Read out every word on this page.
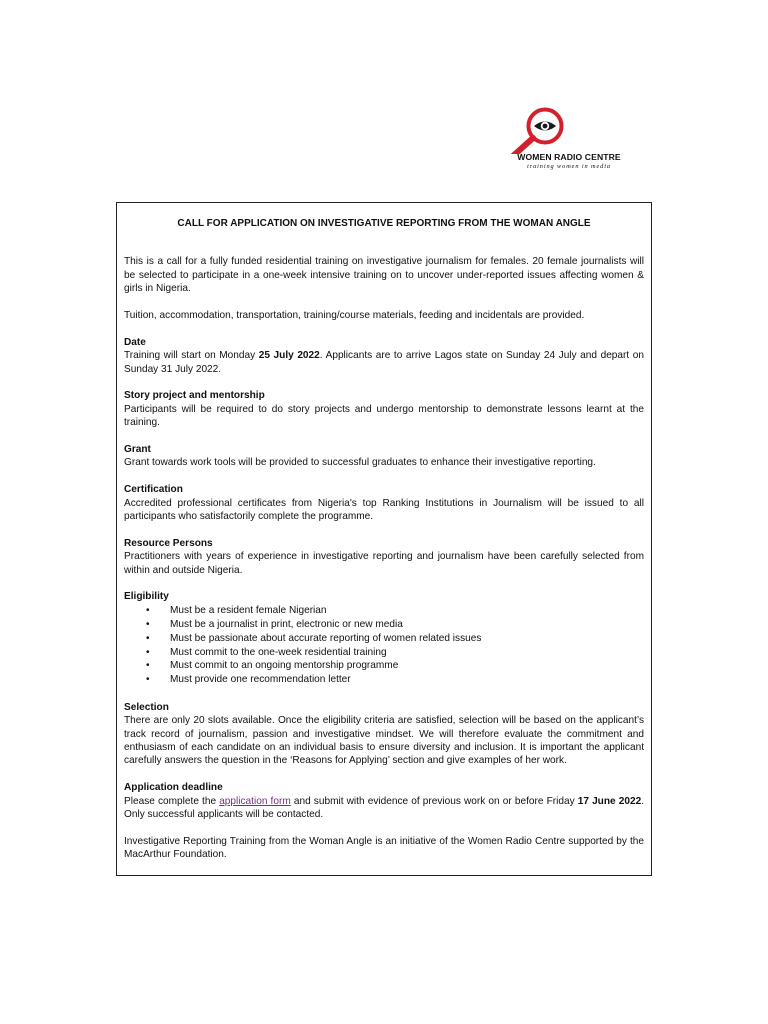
WOMEN RADIO CENTRE
training women in media
CALL FOR APPLICATION ON INVESTIGATIVE REPORTING FROM THE WOMAN ANGLE

This is a call for a fully funded residential training on investigative journalism for females. 20 female journalists will be selected to participate in a one-week intensive training on to uncover under-reported issues affecting women & girls in Nigeria.

Tuition, accommodation, transportation, training/course materials, feeding and incidentals are provided.

Date

Training will start on Monday 25 July 2022. Applicants are to arrive Lagos state on Sunday 24 July and depart on Sunday 31 July 2022.

Story project and mentorship

Participants will be required to do story projects and undergo mentorship to demonstrate lessons learnt at the training.

Grant

Grant towards work tools will be provided to successful graduates to enhance their investigative reporting.

Certification

Accredited professional certificates from Nigeria's top Ranking Institutions in Journalism will be issued to all participants who satisfactorily complete the programme.

Resource Persons

Practitioners with years of experience in investigative reporting and journalism have been carefully selected from within and outside Nigeria.

Eligibility
• Must be a resident female Nigerian
• Must be a journalist in print, electronic or new media
• Must be passionate about accurate reporting of women related issues
• Must commit to the one-week residential training
• Must commit to an ongoing mentorship programme
• Must provide one recommendation letter
Selection

There are only 20 slots available. Once the eligibility criteria are satisfied, selection will be based on the applicant’s track record of journalism, passion and investigative mindset. We will therefore evaluate the commitment and enthusiasm of each candidate on an individual basis to ensure diversity and inclusion. It is important the applicant carefully answers the question in the ‘Reasons for Applying’ section and give examples of her work.

Application deadline

Please complete the application form and submit with evidence of previous work on or before Friday 17 June 2022. Only successful applicants will be contacted.

Investigative Reporting Training from the Woman Angle is an initiative of the Women Radio Centre supported by the MacArthur Foundation.
